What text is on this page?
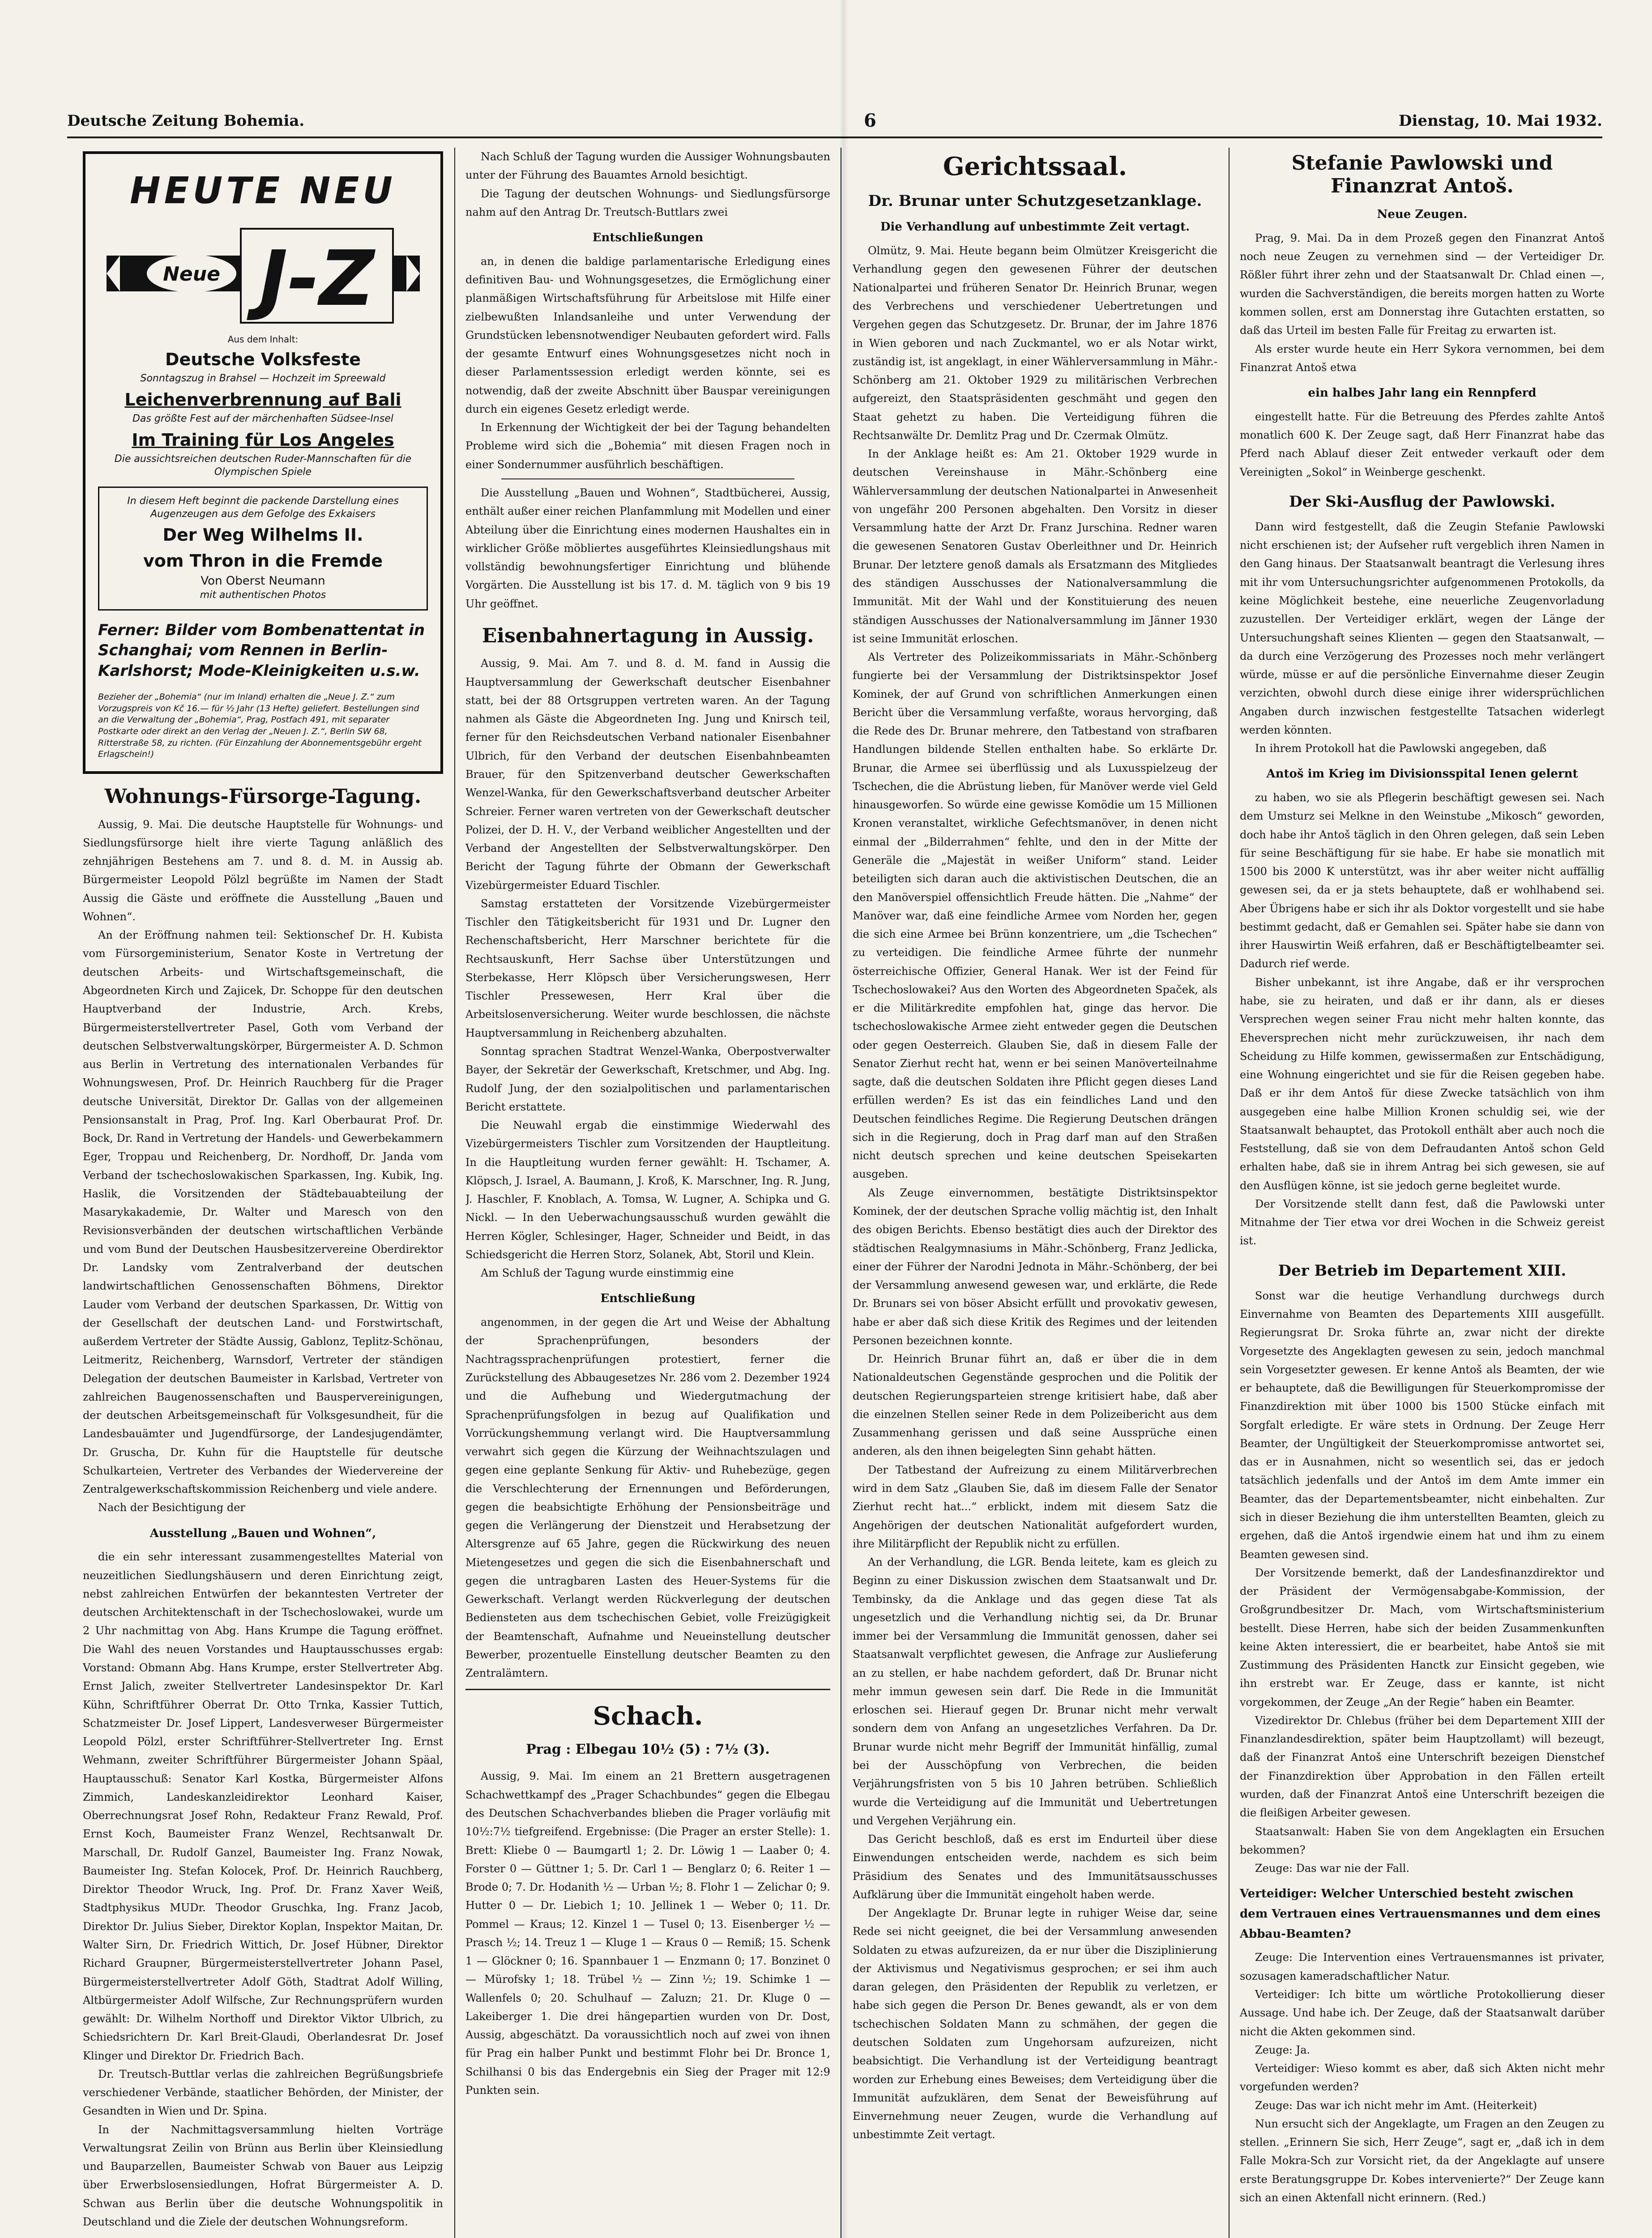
Deutsche Zeitung Bohemia.	6	Dienstag, 10. Mai 1932.
HEUTE NEU
Neue J-Z
Aus dem Inhalt:
Deutsche Volksfeste
Sonntagszug in Brahsel — Hochzeit im Spreewald
Leichenverbrennung auf Bali
Das größte Fest auf der märchenhaften Südsee-Insel
Im Training für Los Angeles
Die aussichtsreichen deutschen Ruder-Mannschaften für die Olympischen Spiele
In diesem Heft beginnt die packende Darstellung eines Augenzeugen aus dem Gefolge des Exkaisers
Der Weg Wilhelms II.
vom Thron in die Fremde
Von Oberst Neumann
mit authentischen Photos
Ferner: Bilder vom Bombenattentat in Schanghai; vom Rennen in Berlin-Karlshorst; Mode-Kleinigkeiten u.s.w.
Bezieher der „Bohemia“ (nur im Inland) erhalten die „Neue J. Z.“ zum Vorzugspreis von Kč 16.— für ½ Jahr (13 Hefte) geliefert. Bestellungen sind an die Verwaltung der „Bohemia“, Prag, Postfach 491, mit separater Postkarte oder direkt an den Verlag der „Neuen J. Z.“, Berlin SW 68, Ritterstraße 58, zu richten. (Für Einzahlung der Abonnementsgebühr ergeht Erlagschein!)
Wohnungs-Fürsorge-Tagung.

Aussig, 9. Mai. Die deutsche Hauptstelle für Wohnungs- und Siedlungsfürsorge hielt ihre vierte Tagung anläßlich des zehnjährigen Bestehens am 7. und 8. d. M. in Aussig ab. Bürgermeister Leopold Pölzl begrüßte im Namen der Stadt Aussig die Gäste und eröffnete die Ausstellung „Bauen und Wohnen“.

An der Eröffnung nahmen teil: Sektionschef Dr. H. Kubista vom Fürsorgeministerium, Senator Koste in Vertretung der deutschen Arbeits- und Wirtschaftsgemeinschaft, die Abgeordneten Kirch und Zajicek, Dr. Schoppe für den deutschen Hauptverband der Industrie, Arch. Krebs, Bürgermeisterstellvertreter Pasel, Goth vom Verband der deutschen Selbstverwaltungskörper, Bürgermeister A. D. Schmon aus Berlin in Vertretung des internationalen Verbandes für Wohnungswesen, Prof. Dr. Heinrich Rauchberg für die Prager deutsche Universität, Direktor Dr. Gallas von der allgemeinen Pensionsanstalt in Prag, Prof. Ing. Karl Oberbaurat Prof. Dr. Bock, Dr. Rand in Vertretung der Handels- und Gewerbekammern Eger, Troppau und Reichenberg, Dr. Nordhoff, Dr. Janda vom Verband der tschechoslowakischen Sparkassen, Ing. Kubik, Ing. Haslik, die Vorsitzenden der Städtebauabteilung der Masarykakademie, Dr. Walter und Maresch von den Revisionsverbänden der deutschen wirtschaftlichen Verbände und vom Bund der Deutschen Hausbesitzervereine Oberdirektor Dr. Landsky vom Zentralverband der deutschen landwirtschaftlichen Genossenschaften Böhmens, Direktor Lauder vom Verband der deutschen Sparkassen, Dr. Wittig von der Gesellschaft der deutschen Land- und Forstwirtschaft, außerdem Vertreter der Städte Aussig, Gablonz, Teplitz-Schönau, Leitmeritz, Reichenberg, Warnsdorf, Vertreter der ständigen Delegation der deutschen Baumeister in Karlsbad, Vertreter von zahlreichen Baugenossenschaften und Bauspervereinigungen, der deutschen Arbeitsgemeinschaft für Volksgesundheit, für die Landesbauämter und Jugendfürsorge, der Landesjugendämter, Dr. Gruscha, Dr. Kuhn für die Hauptstelle für deutsche Schulkarteien, Vertreter des Verbandes der Wiedervereine der Zentralgewerkschaftskommission Reichenberg und viele andere.

Nach der Besichtigung der

Ausstellung „Bauen und Wohnen“,

die ein sehr interessant zusammengestelltes Material von neuzeitlichen Siedlungshäusern und deren Einrichtung zeigt, nebst zahlreichen Entwürfen der bekanntesten Vertreter der deutschen Architektenschaft in der Tschechoslowakei, wurde um 2 Uhr nachmittag von Abg. Hans Krumpe die Tagung eröffnet. Die Wahl des neuen Vorstandes und Hauptausschusses ergab: Vorstand: Obmann Abg. Hans Krumpe, erster Stellvertreter Abg. Ernst Jalich, zweiter Stellvertreter Landesinspektor Dr. Karl Kühn, Schriftführer Oberrat Dr. Otto Trnka, Kassier Tuttich, Schatzmeister Dr. Josef Lippert, Landesverweser Bürgermeister Leopold Pölzl, erster Schriftführer-Stellvertreter Ing. Ernst Wehmann, zweiter Schriftführer Bürgermeister Johann Späal, Hauptausschuß: Senator Karl Kostka, Bürgermeister Alfons Zimmich, Landeskanzleidirektor Leonhard Kaiser, Oberrechnungsrat Josef Rohn, Redakteur Franz Rewald, Prof. Ernst Koch, Baumeister Franz Wenzel, Rechtsanwalt Dr. Marschall, Dr. Rudolf Ganzel, Baumeister Ing. Franz Nowak, Baumeister Ing. Stefan Kolocek, Prof. Dr. Heinrich Rauchberg, Direktor Theodor Wruck, Ing. Prof. Dr. Franz Xaver Weiß, Stadtphysikus MUDr. Theodor Gruschka, Ing. Franz Jacob, Direktor Dr. Julius Sieber, Direktor Koplan, Inspektor Maitan, Dr. Walter Sirn, Dr. Friedrich Wittich, Dr. Josef Hübner, Direktor Richard Graupner, Bürgermeisterstellvertreter Johann Pasel, Bürgermeisterstellvertreter Adolf Göth, Stadtrat Adolf Willing, Altbürgermeister Adolf Wilfsche, Zur Rechnungsprüfern wurden gewählt: Dr. Wilhelm Northoff und Direktor Viktor Ulbrich, zu Schiedsrichtern Dr. Karl Breit-Glaudi, Oberlandesrat Dr. Josef Klinger und Direktor Dr. Friedrich Bach.

Dr. Treutsch-Buttlar verlas die zahlreichen Begrüßungsbriefe verschiedener Verbände, staatlicher Behörden, der Minister, der Gesandten in Wien und Dr. Spina.

In der Nachmittagsversammlung hielten Vorträge Verwaltungsrat Zeilin von Brünn aus Berlin über Kleinsiedlung und Bauparzellen, Baumeister Schwab von Bauer aus Leipzig über Erwerbslosensiedlungen, Hofrat Bürgermeister A. D. Schwan aus Berlin über die deutsche Wohnungspolitik in Deutschland und die Ziele der deutschen Wohnungsreform.

Nach Schluß der Tagung wurden die Aussiger Wohnungsbauten unter der Führung des Bauamtes Arnold besichtigt.

Die Tagung der deutschen Wohnungs- und Siedlungsfürsorge nahm auf den Antrag Dr. Treutsch-Buttlars zwei

Entschließungen

an, in denen die baldige parlamentarische Erledigung eines definitiven Bau- und Wohnungsgesetzes, die Ermöglichung einer planmäßigen Wirtschaftsführung für Arbeitslose mit Hilfe einer zielbewußten Inlandsanleihe und unter Verwendung der Grundstücken lebensnotwendiger Neubauten gefordert wird. Falls der gesamte Entwurf eines Wohnungsgesetzes nicht noch in dieser Parlamentssession erledigt werden könnte, sei es notwendig, daß der zweite Abschnitt über Bauspar vereinigungen durch ein eigenes Gesetz erledigt werde.

In Erkennung der Wichtigkeit der bei der Tagung behandelten Probleme wird sich die „Bohemia“ mit diesen Fragen noch in einer Sondernummer ausführlich beschäftigen.

Die Ausstellung „Bauen und Wohnen“, Stadtbücherei, Aussig, enthält außer einer reichen Planfammlung mit Modellen und einer Abteilung über die Einrichtung eines modernen Haushaltes ein in wirklicher Größe möbliertes ausgeführtes Kleinsiedlungshaus mit vollständig bewohnungsfertiger Einrichtung und blühende Vorgärten. Die Ausstellung ist bis 17. d. M. täglich von 9 bis 19 Uhr geöffnet.

Eisenbahnertagung in Aussig.

Aussig, 9. Mai. Am 7. und 8. d. M. fand in Aussig die Hauptversammlung der Gewerkschaft deutscher Eisenbahner statt, bei der 88 Ortsgruppen vertreten waren. An der Tagung nahmen als Gäste die Abgeordneten Ing. Jung und Knirsch teil, ferner für den Reichsdeutschen Verband nationaler Eisenbahner Ulbrich, für den Verband der deutschen Eisenbahnbeamten Brauer, für den Spitzenverband deutscher Gewerkschaften Wenzel-Wanka, für den Gewerkschaftsverband deutscher Arbeiter Schreier. Ferner waren vertreten von der Gewerkschaft deutscher Polizei, der D. H. V., der Verband weiblicher Angestellten und der Verband der Angestellten der Selbstverwaltungskörper. Den Bericht der Tagung führte der Obmann der Gewerkschaft Vizebürgermeister Eduard Tischler.

Samstag erstatteten der Vorsitzende Vizebürgermeister Tischler den Tätigkeitsbericht für 1931 und Dr. Lugner den Rechenschaftsbericht, Herr Marschner berichtete für die Rechtsauskunft, Herr Sachse über Unterstützungen und Sterbekasse, Herr Klöpsch über Versicherungswesen, Herr Tischler Pressewesen, Herr Kral über die Arbeitslosenversicherung. Weiter wurde beschlossen, die nächste Hauptversammlung in Reichenberg abzuhalten.

Sonntag sprachen Stadtrat Wenzel-Wanka, Oberpostverwalter Bayer, der Sekretär der Gewerkschaft, Kretschmer, und Abg. Ing. Rudolf Jung, der den sozialpolitischen und parlamentarischen Bericht erstattete.

Die Neuwahl ergab die einstimmige Wiederwahl des Vizebürgermeisters Tischler zum Vorsitzenden der Hauptleitung. In die Hauptleitung wurden ferner gewählt: H. Tschamer, A. Klöpsch, J. Israel, A. Baumann, J. Kroß, K. Marschner, Ing. R. Jung, J. Haschler, F. Knoblach, A. Tomsa, W. Lugner, A. Schipka und G. Nickl. — In den Ueberwachungsausschuß wurden gewählt die Herren Kögler, Schlesinger, Hager, Schneider und Beidt, in das Schiedsgericht die Herren Storz, Solanek, Abt, Storil und Klein.

Am Schluß der Tagung wurde einstimmig eine

Entschließung

angenommen, in der gegen die Art und Weise der Abhaltung der Sprachenprüfungen, besonders der Nachtragssprachenprüfungen protestiert, ferner die Zurückstellung des Abbaugesetzes Nr. 286 vom 2. Dezember 1924 und die Aufhebung und Wiedergutmachung der Sprachenprüfungsfolgen in bezug auf Qualifikation und Vorrückungshemmung verlangt wird. Die Hauptversammlung verwahrt sich gegen die Kürzung der Weihnachtszulagen und gegen eine geplante Senkung für Aktiv- und Ruhebezüge, gegen die Verschlechterung der Ernennungen und Beförderungen, gegen die beabsichtigte Erhöhung der Pensionsbeiträge und gegen die Verlängerung der Dienstzeit und Herabsetzung der Altersgrenze auf 65 Jahre, gegen die Rückwirkung des neuen Mietengesetzes und gegen die sich die Eisenbahnerschaft und gegen die untragbaren Lasten des Heuer-Systems für die Gewerkschaft. Verlangt werden Rückverlegung der deutschen Bediensteten aus dem tschechischen Gebiet, volle Freizügigkeit der Beamtenschaft, Aufnahme und Neueinstellung deutscher Bewerber, prozentuelle Einstellung deutscher Beamten zu den Zentralämtern.

Schach.
Prag : Elbegau 10½ (5) : 7½ (3).

Aussig, 9. Mai. Im einem an 21 Brettern ausgetragenen Schachwettkampf des „Prager Schachbundes“ gegen die Elbegau des Deutschen Schachverbandes blieben die Prager vorläufig mit 10½:7½ tiefgreifend. Ergebnisse: (Die Prager an erster Stelle): 1. Brett: Kliebe 0 — Baumgartl 1; 2. Dr. Löwig 1 — Laaber 0; 4. Forster 0 — Güttner 1; 5. Dr. Carl 1 — Benglarz 0; 6. Reiter 1 — Brode 0; 7. Dr. Hodanith ½ — Urban ½; 8. Flohr 1 — Zelichar 0; 9. Hutter 0 — Dr. Liebich 1; 10. Jellinek 1 — Weber 0; 11. Dr. Pommel — Kraus; 12. Kinzel 1 — Tusel 0; 13. Eisenberger ½ — Prasch ½; 14. Treuz 1 — Kluge 1 — Kraus 0 — Remiß; 15. Schenk 1 — Glöckner 0; 16. Spannbauer 1 — Enzmann 0; 17. Bonzinet 0 — Mürofsky 1; 18. Trübel ½ — Zinn ½; 19. Schimke 1 — Wallenfels 0; 20. Schulhauf — Zaluzn; 21. Dr. Kluge 0 — Lakeiberger 1. Die drei hängepartien wurden von Dr. Dost, Aussig, abgeschätzt. Da voraussichtlich noch auf zwei von ihnen für Prag ein halber Punkt und bestimmt Flohr bei Dr. Bronce 1, Schilhansi 0 bis das Endergebnis ein Sieg der Prager mit 12:9 Punkten sein.

Gerichtssaal.
Dr. Brunar unter Schutzgesetzanklage.
Die Verhandlung auf unbestimmte Zeit vertagt.

Olmütz, 9. Mai. Heute begann beim Olmützer Kreisgericht die Verhandlung gegen den gewesenen Führer der deutschen Nationalpartei und früheren Senator Dr. Heinrich Brunar, wegen des Verbrechens und verschiedener Uebertretungen und Vergehen gegen das Schutzgesetz. Dr. Brunar, der im Jahre 1876 in Wien geboren und nach Zuckmantel, wo er als Notar wirkt, zuständig ist, ist angeklagt, in einer Wählerversammlung in Mähr.-Schönberg am 21. Oktober 1929 zu militärischen Verbrechen aufgereizt, den Staatspräsidenten geschmäht und gegen den Staat gehetzt zu haben. Die Verteidigung führen die Rechtsanwälte Dr. Demlitz Prag und Dr. Czermak Olmütz.

In der Anklage heißt es: Am 21. Oktober 1929 wurde in deutschen Vereinshause in Mähr.-Schönberg eine Wählerversammlung der deutschen Nationalpartei in Anwesenheit von ungefähr 200 Personen abgehalten. Den Vorsitz in dieser Versammlung hatte der Arzt Dr. Franz Jurschina. Redner waren die gewesenen Senatoren Gustav Oberleithner und Dr. Heinrich Brunar. Der letztere genoß damals als Ersatzmann des Mitgliedes des ständigen Ausschusses der Nationalversammlung die Immunität. Mit der Wahl und der Konstituierung des neuen ständigen Ausschusses der Nationalversammlung im Jänner 1930 ist seine Immunität erloschen.

Als Vertreter des Polizeikommissariats in Mähr.-Schönberg fungierte bei der Versammlung der Distriktsinspektor Josef Kominek, der auf Grund von schriftlichen Anmerkungen einen Bericht über die Versammlung verfaßte, woraus hervorging, daß die Rede des Dr. Brunar mehrere, den Tatbestand von strafbaren Handlungen bildende Stellen enthalten habe. So erklärte Dr. Brunar, die Armee sei überflüssig und als Luxusspielzeug der Tschechen, die die Abrüstung lieben, für Manöver werde viel Geld hinausgeworfen. So würde eine gewisse Komödie um 15 Millionen Kronen veranstaltet, wirkliche Gefechtsmanöver, in denen nicht einmal der „Bilderrahmen“ fehlte, und den in der Mitte der Generäle die „Majestät in weißer Uniform“ stand. Leider beteiligten sich daran auch die aktivistischen Deutschen, die an den Manöverspiel offensichtlich Freude hätten. Die „Nahme“ der Manöver war, daß eine feindliche Armee vom Norden her, gegen die sich eine Armee bei Brünn konzentriere, um „die Tschechen“ zu verteidigen. Die feindliche Armee führte der nunmehr österreichische Offizier, General Hanak. Wer ist der Feind für Tschechoslowakei? Aus den Worten des Abgeordneten Spaček, als er die Militärkredite empfohlen hat, ginge das hervor. Die tschechoslowakische Armee zieht entweder gegen die Deutschen oder gegen Oesterreich. Glauben Sie, daß in diesem Falle der Senator Zierhut recht hat, wenn er bei seinen Manöverteilnahme sagte, daß die deutschen Soldaten ihre Pflicht gegen dieses Land erfüllen werden? Es ist das ein feindliches Land und den Deutschen feindliches Regime. Die Regierung Deutschen drängen sich in die Regierung, doch in Prag darf man auf den Straßen nicht deutsch sprechen und keine deutschen Speisekarten ausgeben.

Als Zeuge einvernommen, bestätigte Distriktsinspektor Kominek, der der deutschen Sprache vollig mächtig ist, den Inhalt des obigen Berichts. Ebenso bestätigt dies auch der Direktor des städtischen Realgymnasiums in Mähr.-Schönberg, Franz Jedlicka, einer der Führer der Narodni Jednota in Mähr.-Schönberg, der bei der Versammlung anwesend gewesen war, und erklärte, die Rede Dr. Brunars sei von böser Absicht erfüllt und provokativ gewesen, habe er aber daß sich diese Kritik des Regimes und der leitenden Personen bezeichnen konnte.

Dr. Heinrich Brunar führt an, daß er über die in dem Nationaldeutschen Gegenstände gesprochen und die Politik der deutschen Regierungsparteien strenge kritisiert habe, daß aber die einzelnen Stellen seiner Rede in dem Polizeibericht aus dem Zusammenhang gerissen und daß seine Aussprüche einen anderen, als den ihnen beigelegten Sinn gehabt hätten.

Der Tatbestand der Aufreizung zu einem Militärverbrechen wird in dem Satz „Glauben Sie, daß im diesem Falle der Senator Zierhut recht hat...“ erblickt, indem mit diesem Satz die Angehörigen der deutschen Nationalität aufgefordert wurden, ihre Militärpflicht der Republik nicht zu erfüllen.

An der Verhandlung, die LGR. Benda leitete, kam es gleich zu Beginn zu einer Diskussion zwischen dem Staatsanwalt und Dr. Tembinsky, da die Anklage und das gegen diese Tat als ungesetzlich und die Verhandlung nichtig sei, da Dr. Brunar immer bei der Versammlung die Immunität genossen, daher sei Staatsanwalt verpflichtet gewesen, die Anfrage zur Auslieferung an zu stellen, er habe nachdem gefordert, daß Dr. Brunar nicht mehr immun gewesen sein darf. Die Rede in die Immunität erloschen sei. Hierauf gegen Dr. Brunar nicht mehr verwalt sondern dem von Anfang an ungesetzliches Verfahren. Da Dr. Brunar wurde nicht mehr Begriff der Immunität hinfällig, zumal bei der Ausschöpfung von Verbrechen, die beiden Verjährungsfristen von 5 bis 10 Jahren betrüben. Schließlich wurde die Verteidigung auf die Immunität und Uebertretungen und Vergehen Verjährung ein.

Das Gericht beschloß, daß es erst im Endurteil über diese Einwendungen entscheiden werde, nachdem es sich beim Präsidium des Senates und des Immunitätsausschusses Aufklärung über die Immunität eingeholt haben werde.

Der Angeklagte Dr. Brunar legte in ruhiger Weise dar, seine Rede sei nicht geeignet, die bei der Versammlung anwesenden Soldaten zu etwas aufzureizen, da er nur über die Disziplinierung der Aktivismus und Negativismus gesprochen; er sei ihm auch daran gelegen, den Präsidenten der Republik zu verletzen, er habe sich gegen die Person Dr. Benes gewandt, als er von dem tschechischen Soldaten Mann zu schmähen, der gegen die deutschen Soldaten zum Ungehorsam aufzureizen, nicht beabsichtigt. Die Verhandlung ist der Verteidigung beantragt worden zur Erhebung eines Beweises; dem Verteidigung über die Immunität aufzuklären, dem Senat der Beweisführung auf Einvernehmung neuer Zeugen, wurde die Verhandlung auf unbestimmte Zeit vertagt.

Stefanie Pawlowski und Finanzrat Antoš.
Neue Zeugen.

Prag, 9. Mai. Da in dem Prozeß gegen den Finanzrat Antoš noch neue Zeugen zu vernehmen sind — der Verteidiger Dr. Rößler führt ihrer zehn und der Staatsanwalt Dr. Chlad einen —, wurden die Sachverständigen, die bereits morgen hatten zu Worte kommen sollen, erst am Donnerstag ihre Gutachten erstatten, so daß das Urteil im besten Falle für Freitag zu erwarten ist.

Als erster wurde heute ein Herr Sykora vernommen, bei dem Finanzrat Antoš etwa

ein halbes Jahr lang ein Rennpferd

eingestellt hatte. Für die Betreuung des Pferdes zahlte Antoš monatlich 600 K. Der Zeuge sagt, daß Herr Finanzrat habe das Pferd nach Ablauf dieser Zeit entweder verkauft oder dem Vereinigten „Sokol“ in Weinberge geschenkt.

Der Ski-Ausflug der Pawlowski.

Dann wird festgestellt, daß die Zeugin Stefanie Pawlowski nicht erschienen ist; der Aufseher ruft vergeblich ihren Namen in den Gang hinaus. Der Staatsanwalt beantragt die Verlesung ihres mit ihr vom Untersuchungsrichter aufgenommenen Protokolls, da keine Möglichkeit bestehe, eine neuerliche Zeugenvorladung zuzustellen. Der Verteidiger erklärt, wegen der Länge der Untersuchungshaft seines Klienten — gegen den Staatsanwalt, — da durch eine Verzögerung des Prozesses noch mehr verlängert würde, müsse er auf die persönliche Einvernahme dieser Zeugin verzichten, obwohl durch diese einige ihrer widersprüchlichen Angaben durch inzwischen festgestellte Tatsachen widerlegt werden könnten.

In ihrem Protokoll hat die Pawlowski angegeben, daß

Antoš im Krieg im Divisionsspital Ienen gelernt

zu haben, wo sie als Pflegerin beschäftigt gewesen sei. Nach dem Umsturz sei Melkne in den Weinstube „Mikosch“ geworden, doch habe ihr Antoš täglich in den Ohren gelegen, daß sein Leben für seine Beschäftigung für sie habe. Er habe sie monatlich mit 1500 bis 2000 K unterstützt, was ihr aber weiter nicht auffällig gewesen sei, da er ja stets behauptete, daß er wohlhabend sei. Aber Übrigens habe er sich ihr als Doktor vorgestellt und sie habe bestimmt gedacht, daß er Gemahlen sei. Später habe sie dann von ihrer Hauswirtin Weiß erfahren, daß er Beschäftigtelbeamter sei. Dadurch rief werde.

Bisher unbekannt, ist ihre Angabe, daß er ihr versprochen habe, sie zu heiraten, und daß er ihr dann, als er dieses Versprechen wegen seiner Frau nicht mehr halten konnte, das Eheversprechen nicht mehr zurückzuweisen, ihr nach dem Scheidung zu Hilfe kommen, gewissermaßen zur Entschädigung, eine Wohnung eingerichtet und sie für die Reisen gegeben habe. Daß er ihr dem Antoš für diese Zwecke tatsächlich von ihm ausgegeben eine halbe Million Kronen schuldig sei, wie der Staatsanwalt behauptet, das Protokoll enthält aber auch noch die Feststellung, daß sie von dem Defraudanten Antoš schon Geld erhalten habe, daß sie in ihrem Antrag bei sich gewesen, sie auf den Ausflügen könne, ist sie jedoch gerne begleitet wurde.

Der Vorsitzende stellt dann fest, daß die Pawlowski unter Mitnahme der Tier etwa vor drei Wochen in die Schweiz gereist ist.

Der Betrieb im Departement XIII.

Sonst war die heutige Verhandlung durchwegs durch Einvernahme von Beamten des Departements XIII ausgefüllt. Regierungsrat Dr. Sroka führte an, zwar nicht der direkte Vorgesetzte des Angeklagten gewesen zu sein, jedoch manchmal sein Vorgesetzter gewesen. Er kenne Antoš als Beamten, der wie er behauptete, daß die Bewilligungen für Steuerkompromisse der Finanzdirektion mit über 1000 bis 1500 Stücke einfach mit Sorgfalt erledigte. Er wäre stets in Ordnung. Der Zeuge Herr Beamter, der Ungültigkeit der Steuerkompromisse antwortet sei, das er in Ausnahmen, nicht so wesentlich sei, das er jedoch tatsächlich jedenfalls und der Antoš im dem Amte immer ein Beamter, das der Departementsbeamter, nicht einbehalten. Zur sich in dieser Beziehung die ihm unterstellten Beamten, gleich zu ergehen, daß die Antoš irgendwie einem hat und ihm zu einem Beamten gewesen sind.

Der Vorsitzende bemerkt, daß der Landesfinanzdirektor und der Präsident der Vermögensabgabe-Kommission, der Großgrundbesitzer Dr. Mach, vom Wirtschaftsministerium bestellt. Diese Herren, habe sich der beiden Zusammenkunften keine Akten interessiert, die er bearbeitet, habe Antoš sie mit Zustimmung des Präsidenten Hanctk zur Einsicht gegeben, wie ihn erstrebt war. Er Zeuge, dass er kannte, ist nicht vorgekommen, der Zeuge „An der Regie“ haben ein Beamter.

Vizedirektor Dr. Chlebus (früher bei dem Departement XIII der Finanzlandesdirektion, später beim Hauptzollamt) will bezeugt, daß der Finanzrat Antoš eine Unterschrift bezeigen Dienstchef der Finanzdirektion über Approbation in den Fällen erteilt wurden, daß der Finanzrat Antoš eine Unterschrift bezeigen die die fleißigen Arbeiter gewesen.

Staatsanwalt: Haben Sie von dem Angeklagten ein Ersuchen bekommen?

Zeuge: Das war nie der Fall.

Verteidiger: Welcher Unterschied besteht zwischen dem Vertrauen eines Vertrauensmannes und dem eines Abbau-Beamten?

Zeuge: Die Intervention eines Vertrauensmannes ist privater, sozusagen kameradschaftlicher Natur.

Verteidiger: Ich bitte um wörtliche Protokollierung dieser Aussage. Und habe ich. Der Zeuge, daß der Staatsanwalt darüber nicht die Akten gekommen sind.

Zeuge: Ja.

Verteidiger: Wieso kommt es aber, daß sich Akten nicht mehr vorgefunden werden?

Zeuge: Das war ich nicht mehr im Amt. (Heiterkeit)

Nun ersucht sich der Angeklagte, um Fragen an den Zeugen zu stellen. „Erinnern Sie sich, Herr Zeuge“, sagt er, „daß ich in dem Falle Mokra-Sch zur Vorsicht riet, da der Angeklagte auf unsere erste Beratungsgruppe Dr. Kobes intervenierte?“ Der Zeuge kann sich an einen Aktenfall nicht erinnern. (Red.)
